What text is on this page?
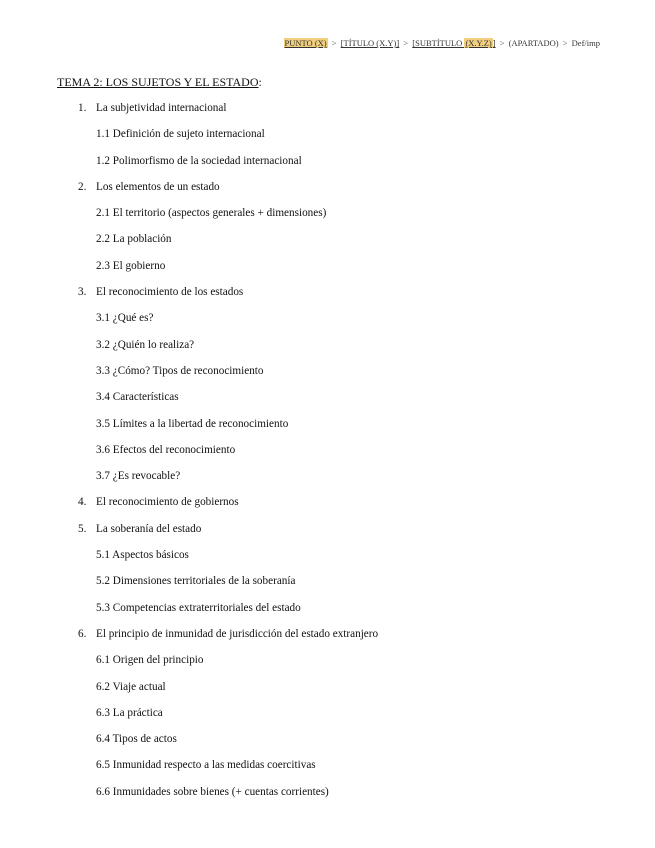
PUNTO (X) > [TÍTULO (X.Y)] > [SUBTÍTULO (X.Y.Z)] > (APARTADO) > Def/imp
TEMA 2: LOS SUJETOS Y EL ESTADO:
1. La subjetividad internacional
1.1 Definición de sujeto internacional
1.2 Polimorfismo de la sociedad internacional
2. Los elementos de un estado
2.1 El territorio (aspectos generales + dimensiones)
2.2 La población
2.3 El gobierno
3. El reconocimiento de los estados
3.1 ¿Qué es?
3.2 ¿Quién lo realiza?
3.3 ¿Cómo? Tipos de reconocimiento
3.4 Características
3.5 Límites a la libertad de reconocimiento
3.6 Efectos del reconocimiento
3.7 ¿Es revocable?
4. El reconocimiento de gobiernos
5. La soberanía del estado
5.1 Aspectos básicos
5.2 Dimensiones territoriales de la soberanía
5.3 Competencias extraterritoriales del estado
6. El principio de inmunidad de jurisdicción del estado extranjero
6.1 Origen del principio
6.2 Viaje actual
6.3 La práctica
6.4 Tipos de actos
6.5 Inmunidad respecto a las medidas coercitivas
6.6 Inmunidades sobre bienes (+ cuentas corrientes)
